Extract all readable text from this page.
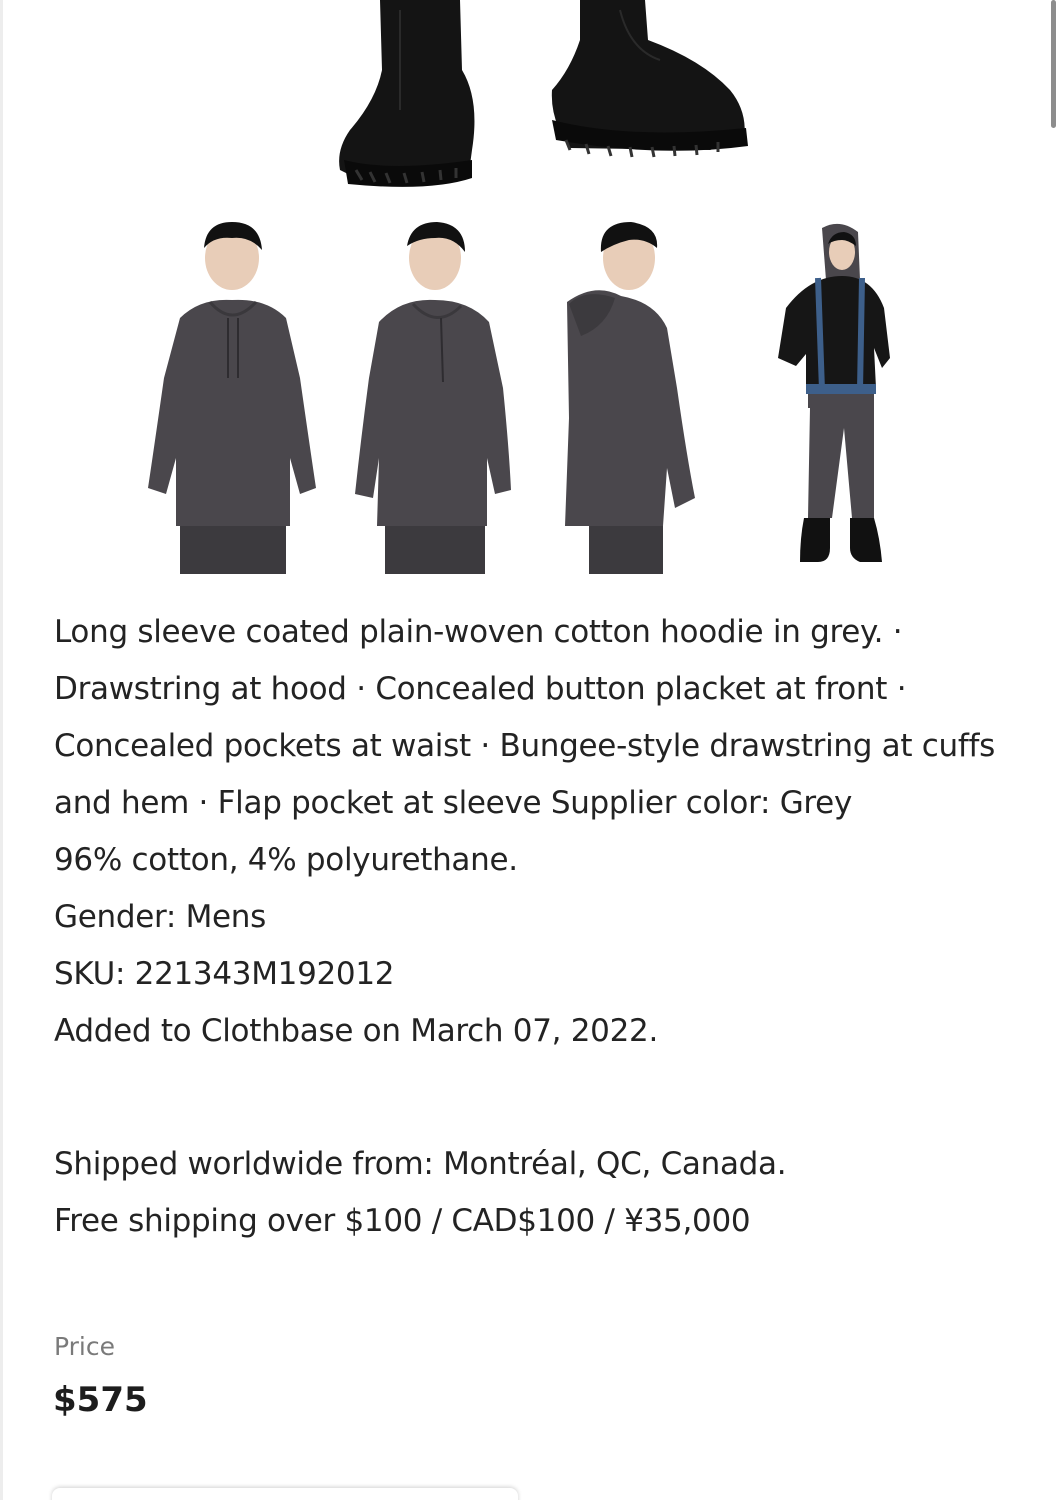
Long sleeve coated plain-woven cotton hoodie in grey. · Drawstring at hood · Concealed button placket at front · Concealed pockets at waist · Bungee-style drawstring at cuffs and hem · Flap pocket at sleeve Supplier color: Grey

96% cotton, 4% polyurethane.

Gender: Mens

SKU: 221343M192012

Added to Clothbase on March 07, 2022.

Shipped worldwide from: Montréal, QC, Canada.

Free shipping over $100 / CAD$100 / ¥35,000

Price
$575
